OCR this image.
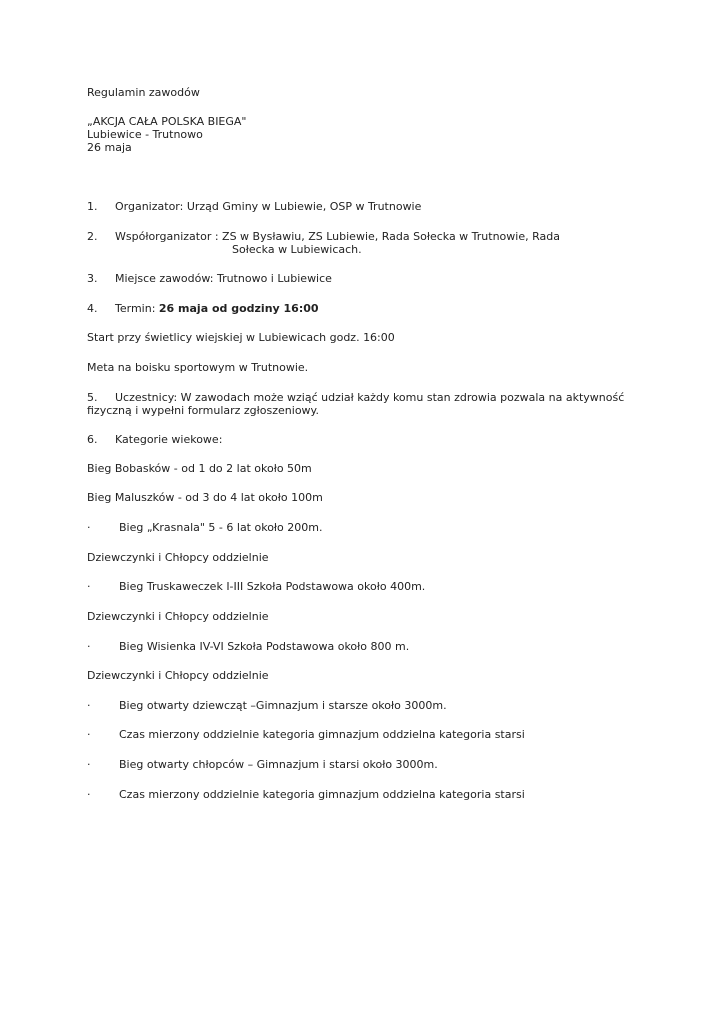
Regulamin zawodów
„AKCJA CAŁA POLSKA BIEGA"
Lubiewice - Trutnowo
26 maja
1. Organizator: Urząd Gminy w Lubiewie, OSP w Trutnowie
2. Współorganizator : ZS w Bysławiu, ZS Lubiewie, Rada Sołecka w Trutnowie, Rada
Sołecka w Lubiewicach.
3. Miejsce zawodów: Trutnowo i Lubiewice
4. Termin: 26 maja od godziny 16:00
Start przy świetlicy wiejskiej w Lubiewicach godz. 16:00
Meta na boisku sportowym w Trutnowie.
5. Uczestnicy: W zawodach może wziąć udział każdy komu stan zdrowia pozwala na aktywność
fizyczną i wypełni formularz zgłoszeniowy.
6. Kategorie wiekowe:
Bieg Bobasków - od 1 do 2 lat około 50m
Bieg Maluszków - od 3 do 4 lat około 100m
·	Bieg „Krasnala" 5 - 6 lat około 200m.
Dziewczynki i Chłopcy oddzielnie
·	Bieg Truskaweczek I-III Szkoła Podstawowa około 400m.
Dziewczynki i Chłopcy oddzielnie
·	Bieg Wisienka IV-VI Szkoła Podstawowa około 800 m.
Dziewczynki i Chłopcy oddzielnie
·	Bieg otwarty dziewcząt –Gimnazjum i starsze około 3000m.
·	Czas mierzony oddzielnie kategoria gimnazjum oddzielna kategoria starsi
·	Bieg otwarty chłopców – Gimnazjum i starsi około 3000m.
·	Czas mierzony oddzielnie kategoria gimnazjum oddzielna kategoria starsi
